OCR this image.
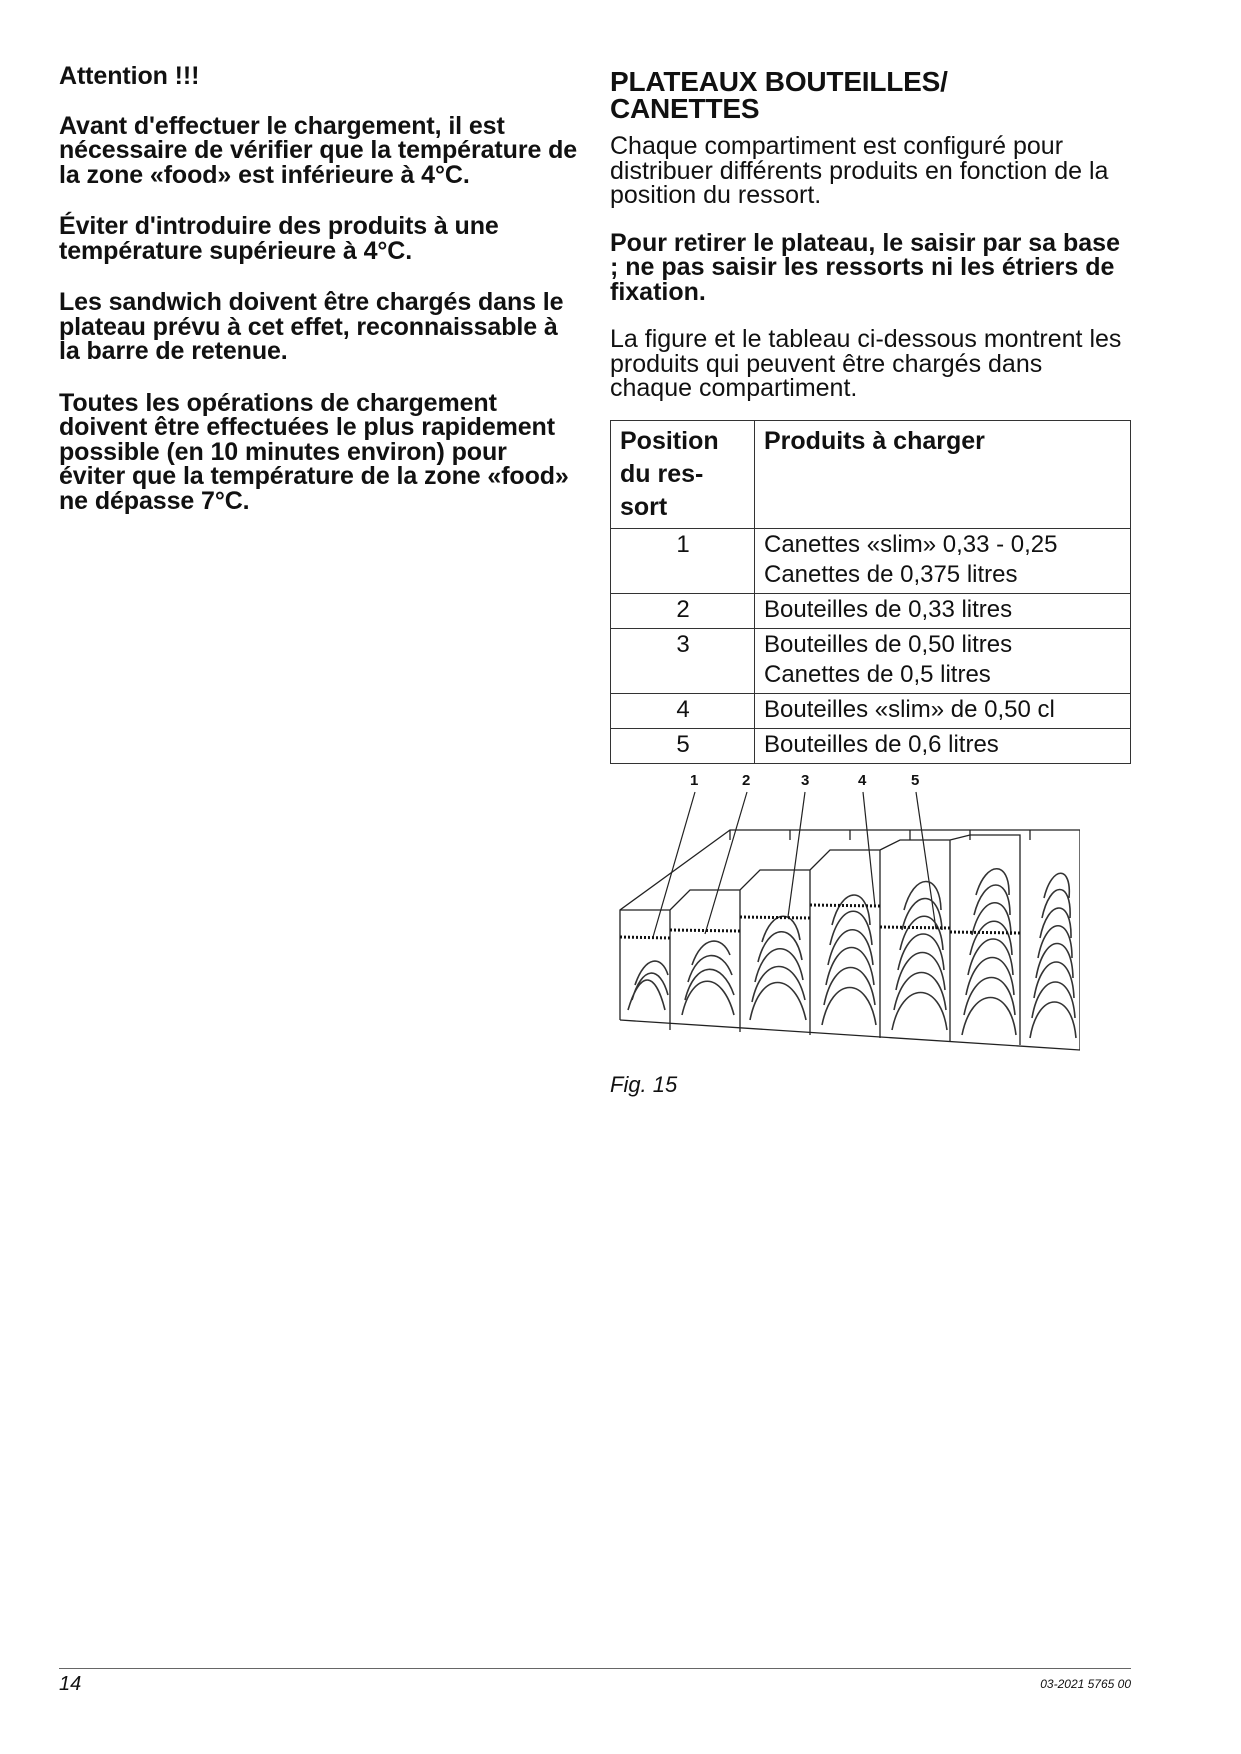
Attention !!!

Avant d'effectuer le chargement, il est nécessaire de vérifier que la température de la zone «food» est inférieure à 4°C.

Éviter d'introduire des produits à une température supérieure à 4°C.

Les sandwich doivent être chargés dans le plateau prévu à cet effet, reconnaissable à la barre de retenue.

Toutes les opérations de chargement doivent être effectuées le plus rapidement possible (en 10 minutes environ) pour éviter que la température de la zone «food» ne dépasse 7°C.

PLATEAUX BOUTEILLES/
CANETTES

Chaque compartiment est configuré pour distribuer différents produits en fonction de la position du ressort.

Pour retirer le plateau, le saisir par sa base ; ne pas saisir les ressorts ni les étriers de fixation.

La figure et le tableau ci-dessous montrent les produits qui peuvent être chargés dans chaque compartiment.

Position
du res-
sort	Produits à charger
1	Canettes «slim» 0,33 - 0,25
Canettes de 0,375 litres
2	Bouteilles de 0,33 litres
3	Bouteilles de 0,50 litres
Canettes de 0,5 litres
4	Bouteilles «slim» de 0,50 cl
5	Bouteilles de 0,6 litres
1	2	3	4	5
Fig. 15
14	03-2021 5765 00
